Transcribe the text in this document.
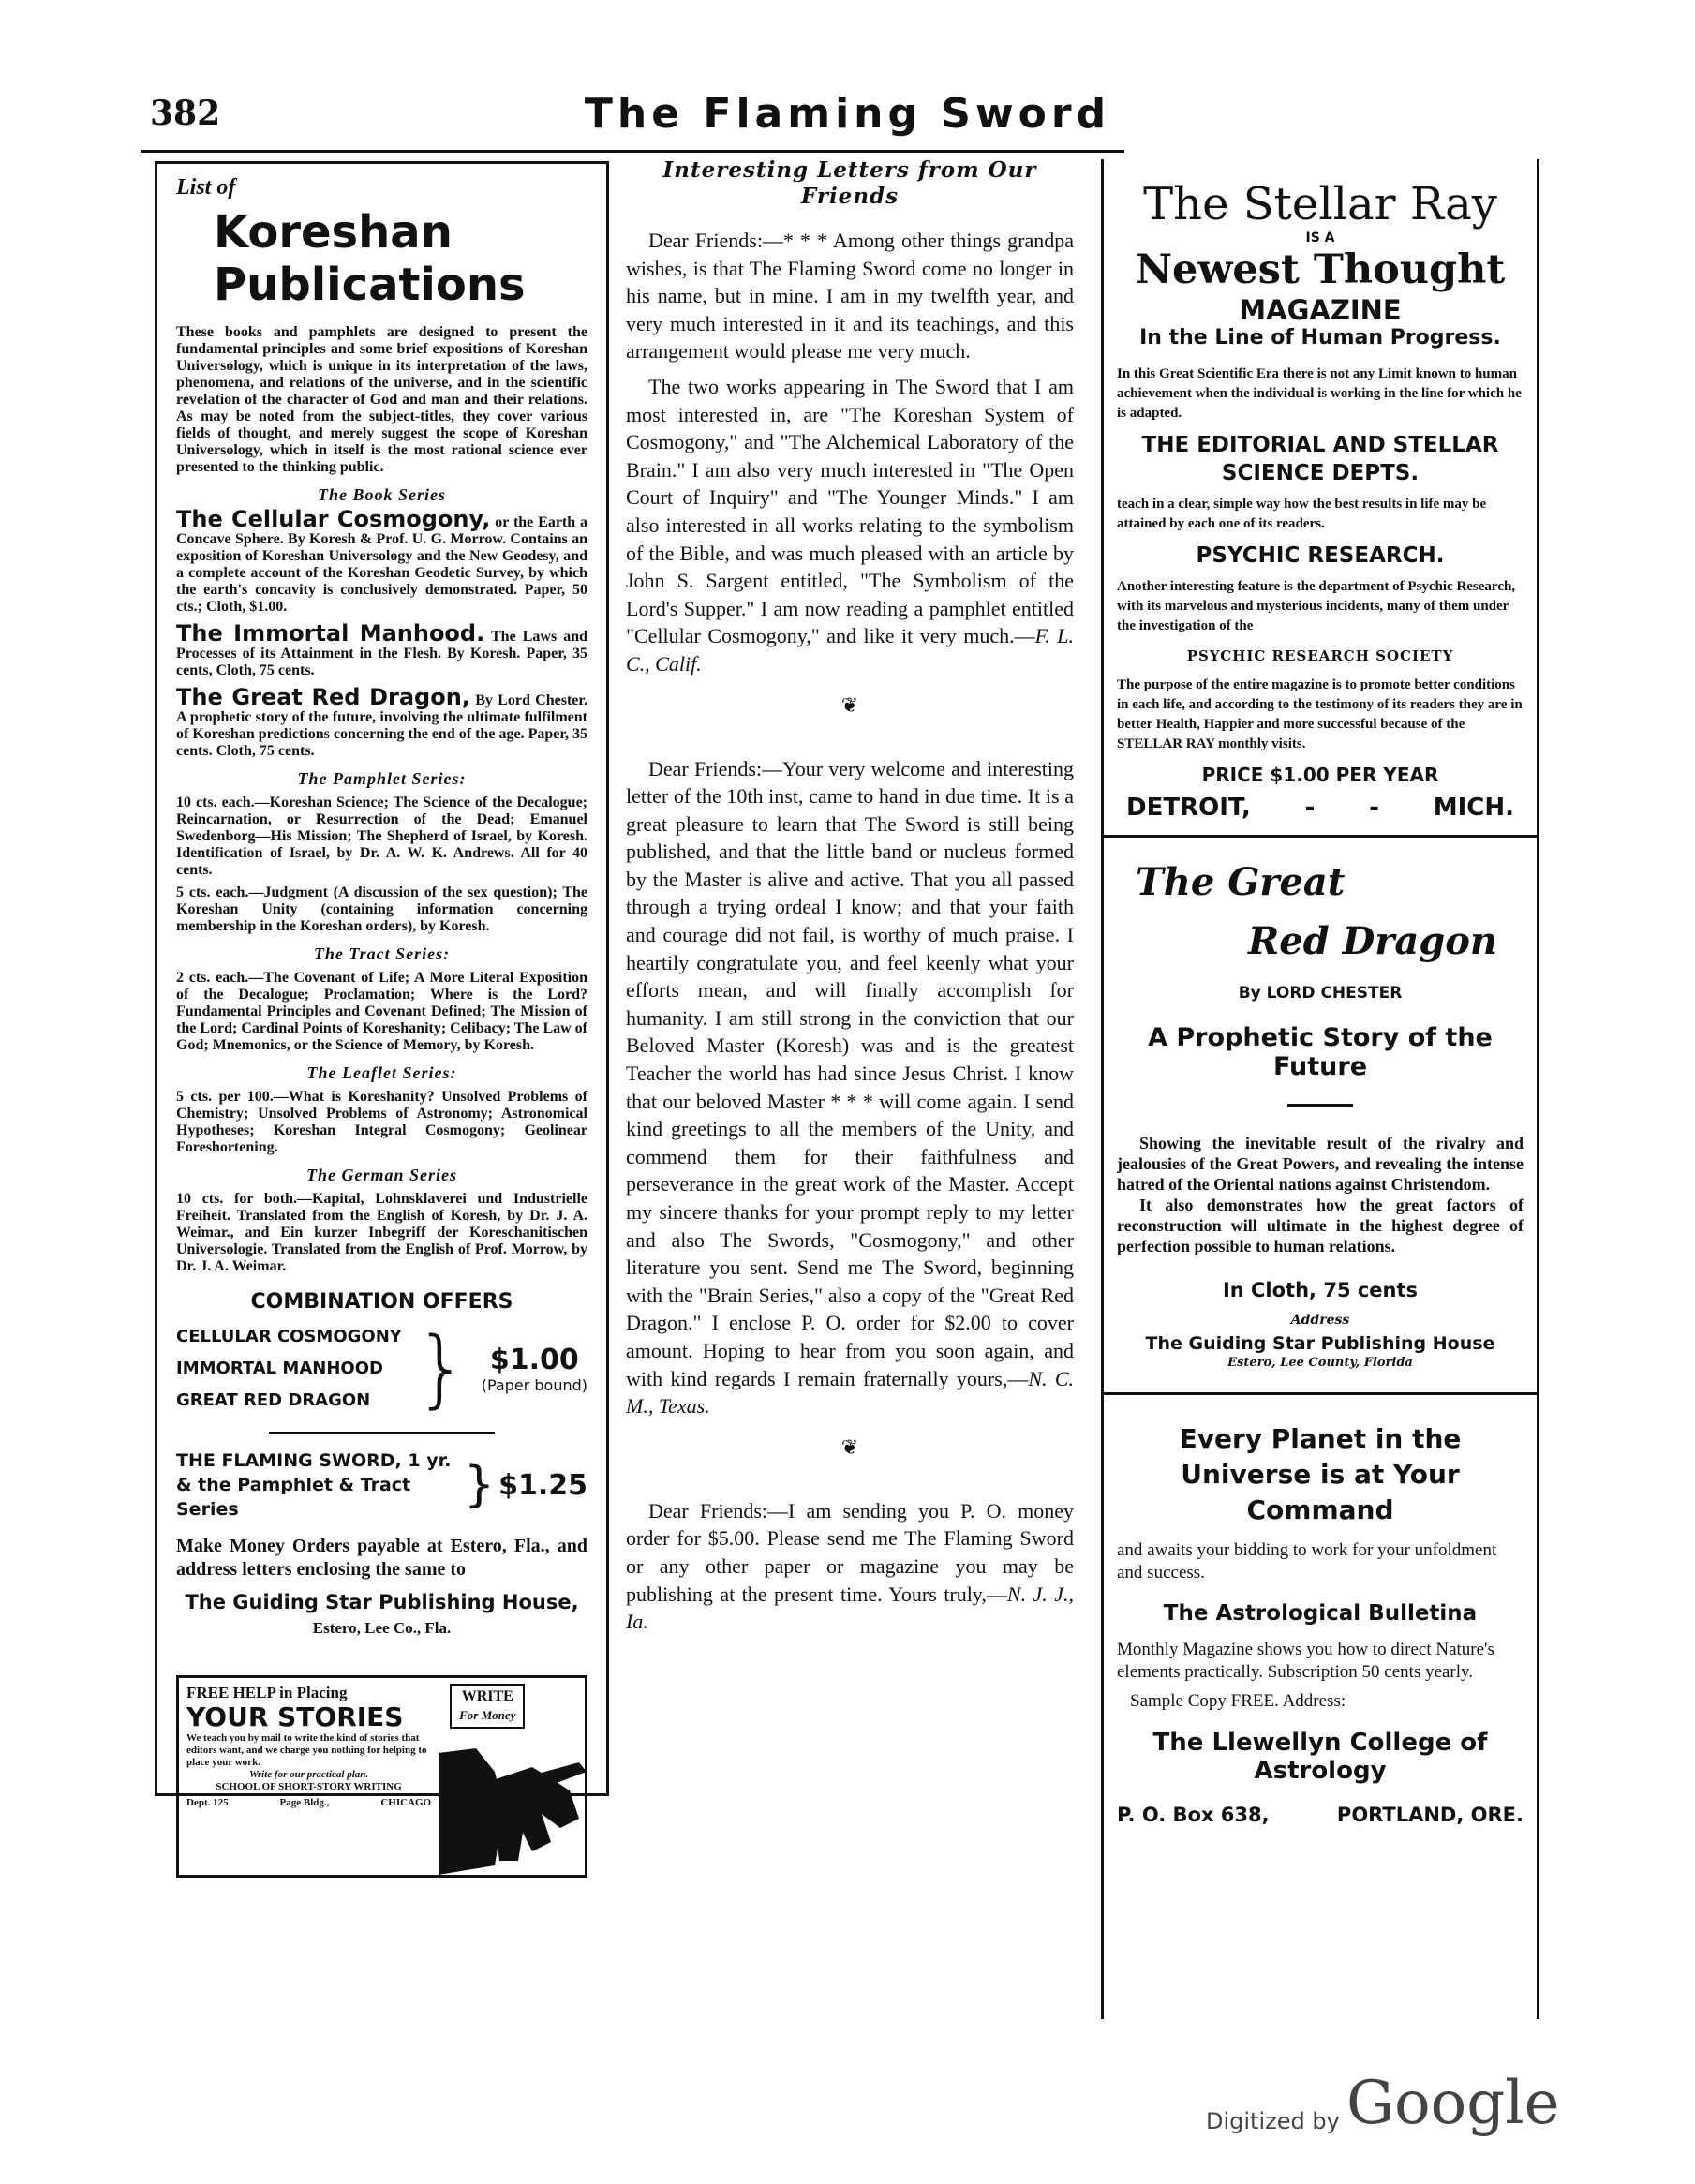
382	The Flaming Sword
List of
Koreshan
Publications
These books and pamphlets are designed to present the fundamental principles and some brief expositions of Koreshan Universology, which is unique in its interpretation of the laws, phenomena, and relations of the universe, and in the scientific revelation of the character of God and man and their relations. As may be noted from the subject-titles, they cover various fields of thought, and merely suggest the scope of Koreshan Universology, which in itself is the most rational science ever presented to the thinking public.
The Book Series
The Cellular Cosmogony, or the Earth a Concave Sphere. By Koresh & Prof. U. G. Morrow. Contains an exposition of Koreshan Universology and the New Geodesy, and a complete account of the Koreshan Geodetic Survey, by which the earth's concavity is conclusively demonstrated. Paper, 50 cts.; Cloth, $1.00.
The Immortal Manhood. The Laws and Processes of its Attainment in the Flesh. By Koresh. Paper, 35 cents, Cloth, 75 cents.
The Great Red Dragon, By Lord Chester. A prophetic story of the future, involving the ultimate fulfilment of Koreshan predictions concerning the end of the age. Paper, 35 cents. Cloth, 75 cents.
The Pamphlet Series:
10 cts. each.—Koreshan Science; The Science of the Decalogue; Reincarnation, or Resurrection of the Dead; Emanuel Swedenborg—His Mission; The Shepherd of Israel, by Koresh. Identification of Israel, by Dr. A. W. K. Andrews. All for 40 cents.
5 cts. each.—Judgment (A discussion of the sex question); The Koreshan Unity (containing information concerning membership in the Koreshan orders), by Koresh.
The Tract Series:
2 cts. each.—The Covenant of Life; A More Literal Exposition of the Decalogue; Proclamation; Where is the Lord? Fundamental Principles and Covenant Defined; The Mission of the Lord; Cardinal Points of Koreshanity; Celibacy; The Law of God; Mnemonics, or the Science of Memory, by Koresh.
The Leaflet Series:
5 cts. per 100.—What is Koreshanity? Unsolved Problems of Chemistry; Unsolved Problems of Astronomy; Astronomical Hypotheses; Koreshan Integral Cosmogony; Geolinear Foreshortening.
The German Series
10 cts. for both.—Kapital, Lohnsklaverei und Industrielle Freiheit. Translated from the English of Koresh, by Dr. J. A. Weimar., and Ein kurzer Inbegriff der Koreschanitischen Universologie. Translated from the English of Prof. Morrow, by Dr. J. A. Weimar.
COMBINATION OFFERS
CELLULAR COSMOGONY
IMMORTAL MANHOOD
GREAT RED DRAGON } $1.00
(Paper bound)
THE FLAMING SWORD, 1 yr.
& the Pamphlet & Tract Series	} $1.25
Make Money Orders payable at Estero, Fla., and address letters enclosing the same to
The Guiding Star Publishing House,
Estero, Lee Co., Fla.
FREE HELP in Placing
YOUR STORIES
We teach you by mail to write the kind of stories that editors want, and we charge you nothing for helping to place your work.
Write for our practical plan.
SCHOOL OF SHORT-STORY WRITING
Dept. 125	Page Bldg.,	CHICAGO
WRITE
For Money
Interesting Letters from Our Friends

Dear Friends:—* * * Among other things grandpa wishes, is that The Flaming Sword come no longer in his name, but in mine. I am in my twelfth year, and very much interested in it and its teachings, and this arrangement would please me very much.

The two works appearing in The Sword that I am most interested in, are "The Koreshan System of Cosmogony," and "The Alchemical Laboratory of the Brain." I am also very much interested in "The Open Court of Inquiry" and "The Younger Minds." I am also interested in all works relating to the symbolism of the Bible, and was much pleased with an article by John S. Sargent entitled, "The Symbolism of the Lord's Supper." I am now reading a pamphlet entitled "Cellular Cosmogony," and like it very much.—F. L. C., Calif.

❦

Dear Friends:—Your very welcome and interesting letter of the 10th inst, came to hand in due time. It is a great pleasure to learn that The Sword is still being published, and that the little band or nucleus formed by the Master is alive and active. That you all passed through a trying ordeal I know; and that your faith and courage did not fail, is worthy of much praise. I heartily congratulate you, and feel keenly what your efforts mean, and will finally accomplish for humanity. I am still strong in the conviction that our Beloved Master (Koresh) was and is the greatest Teacher the world has had since Jesus Christ. I know that our beloved Master * * * will come again. I send kind greetings to all the members of the Unity, and commend them for their faithfulness and perseverance in the great work of the Master. Accept my sincere thanks for your prompt reply to my letter and also The Swords, "Cosmogony," and other literature you sent. Send me The Sword, beginning with the "Brain Series," also a copy of the "Great Red Dragon." I enclose P. O. order for $2.00 to cover amount. Hoping to hear from you soon again, and with kind regards I remain fraternally yours,—N. C. M., Texas.

❦

Dear Friends:—I am sending you P. O. money order for $5.00. Please send me The Flaming Sword or any other paper or magazine you may be publishing at the present time. Yours truly,—N. J. J., Ia.

The Stellar Ray
IS A
Newest Thought
MAGAZINE
In the Line of Human Progress.
In this Great Scientific Era there is not any Limit known to human achievement when the individual is working in the line for which he is adapted.
THE EDITORIAL AND STELLAR SCIENCE DEPTS.
teach in a clear, simple way how the best results in life may be attained by each one of its readers.
PSYCHIC RESEARCH.
Another interesting feature is the department of Psychic Research, with its marvelous and mysterious incidents, many of them under the investigation of the
PSYCHIC RESEARCH SOCIETY
The purpose of the entire magazine is to promote better conditions in each life, and according to the testimony of its readers they are in better Health, Happier and more successful because of the STELLAR RAY monthly visits.
PRICE $1.00 PER YEAR
DETROIT, - - MICH.
The Great
Red Dragon
By LORD CHESTER
A Prophetic Story of the Future

Showing the inevitable result of the rivalry and jealousies of the Great Powers, and revealing the intense hatred of the Oriental nations against Christendom.

It also demonstrates how the great factors of reconstruction will ultimate in the highest degree of perfection possible to human relations.

In Cloth, 75 cents
Address
The Guiding Star Publishing House
Estero, Lee County, Florida
Every Planet in the Universe is at Your Command
and awaits your bidding to work for your unfoldment and success.
The Astrological Bulletina
Monthly Magazine shows you how to direct Nature's elements practically. Subscription 50 cents yearly.
Sample Copy FREE. Address:
The Llewellyn College of Astrology
P. O. Box 638,	PORTLAND, ORE.
Digitized by Google
